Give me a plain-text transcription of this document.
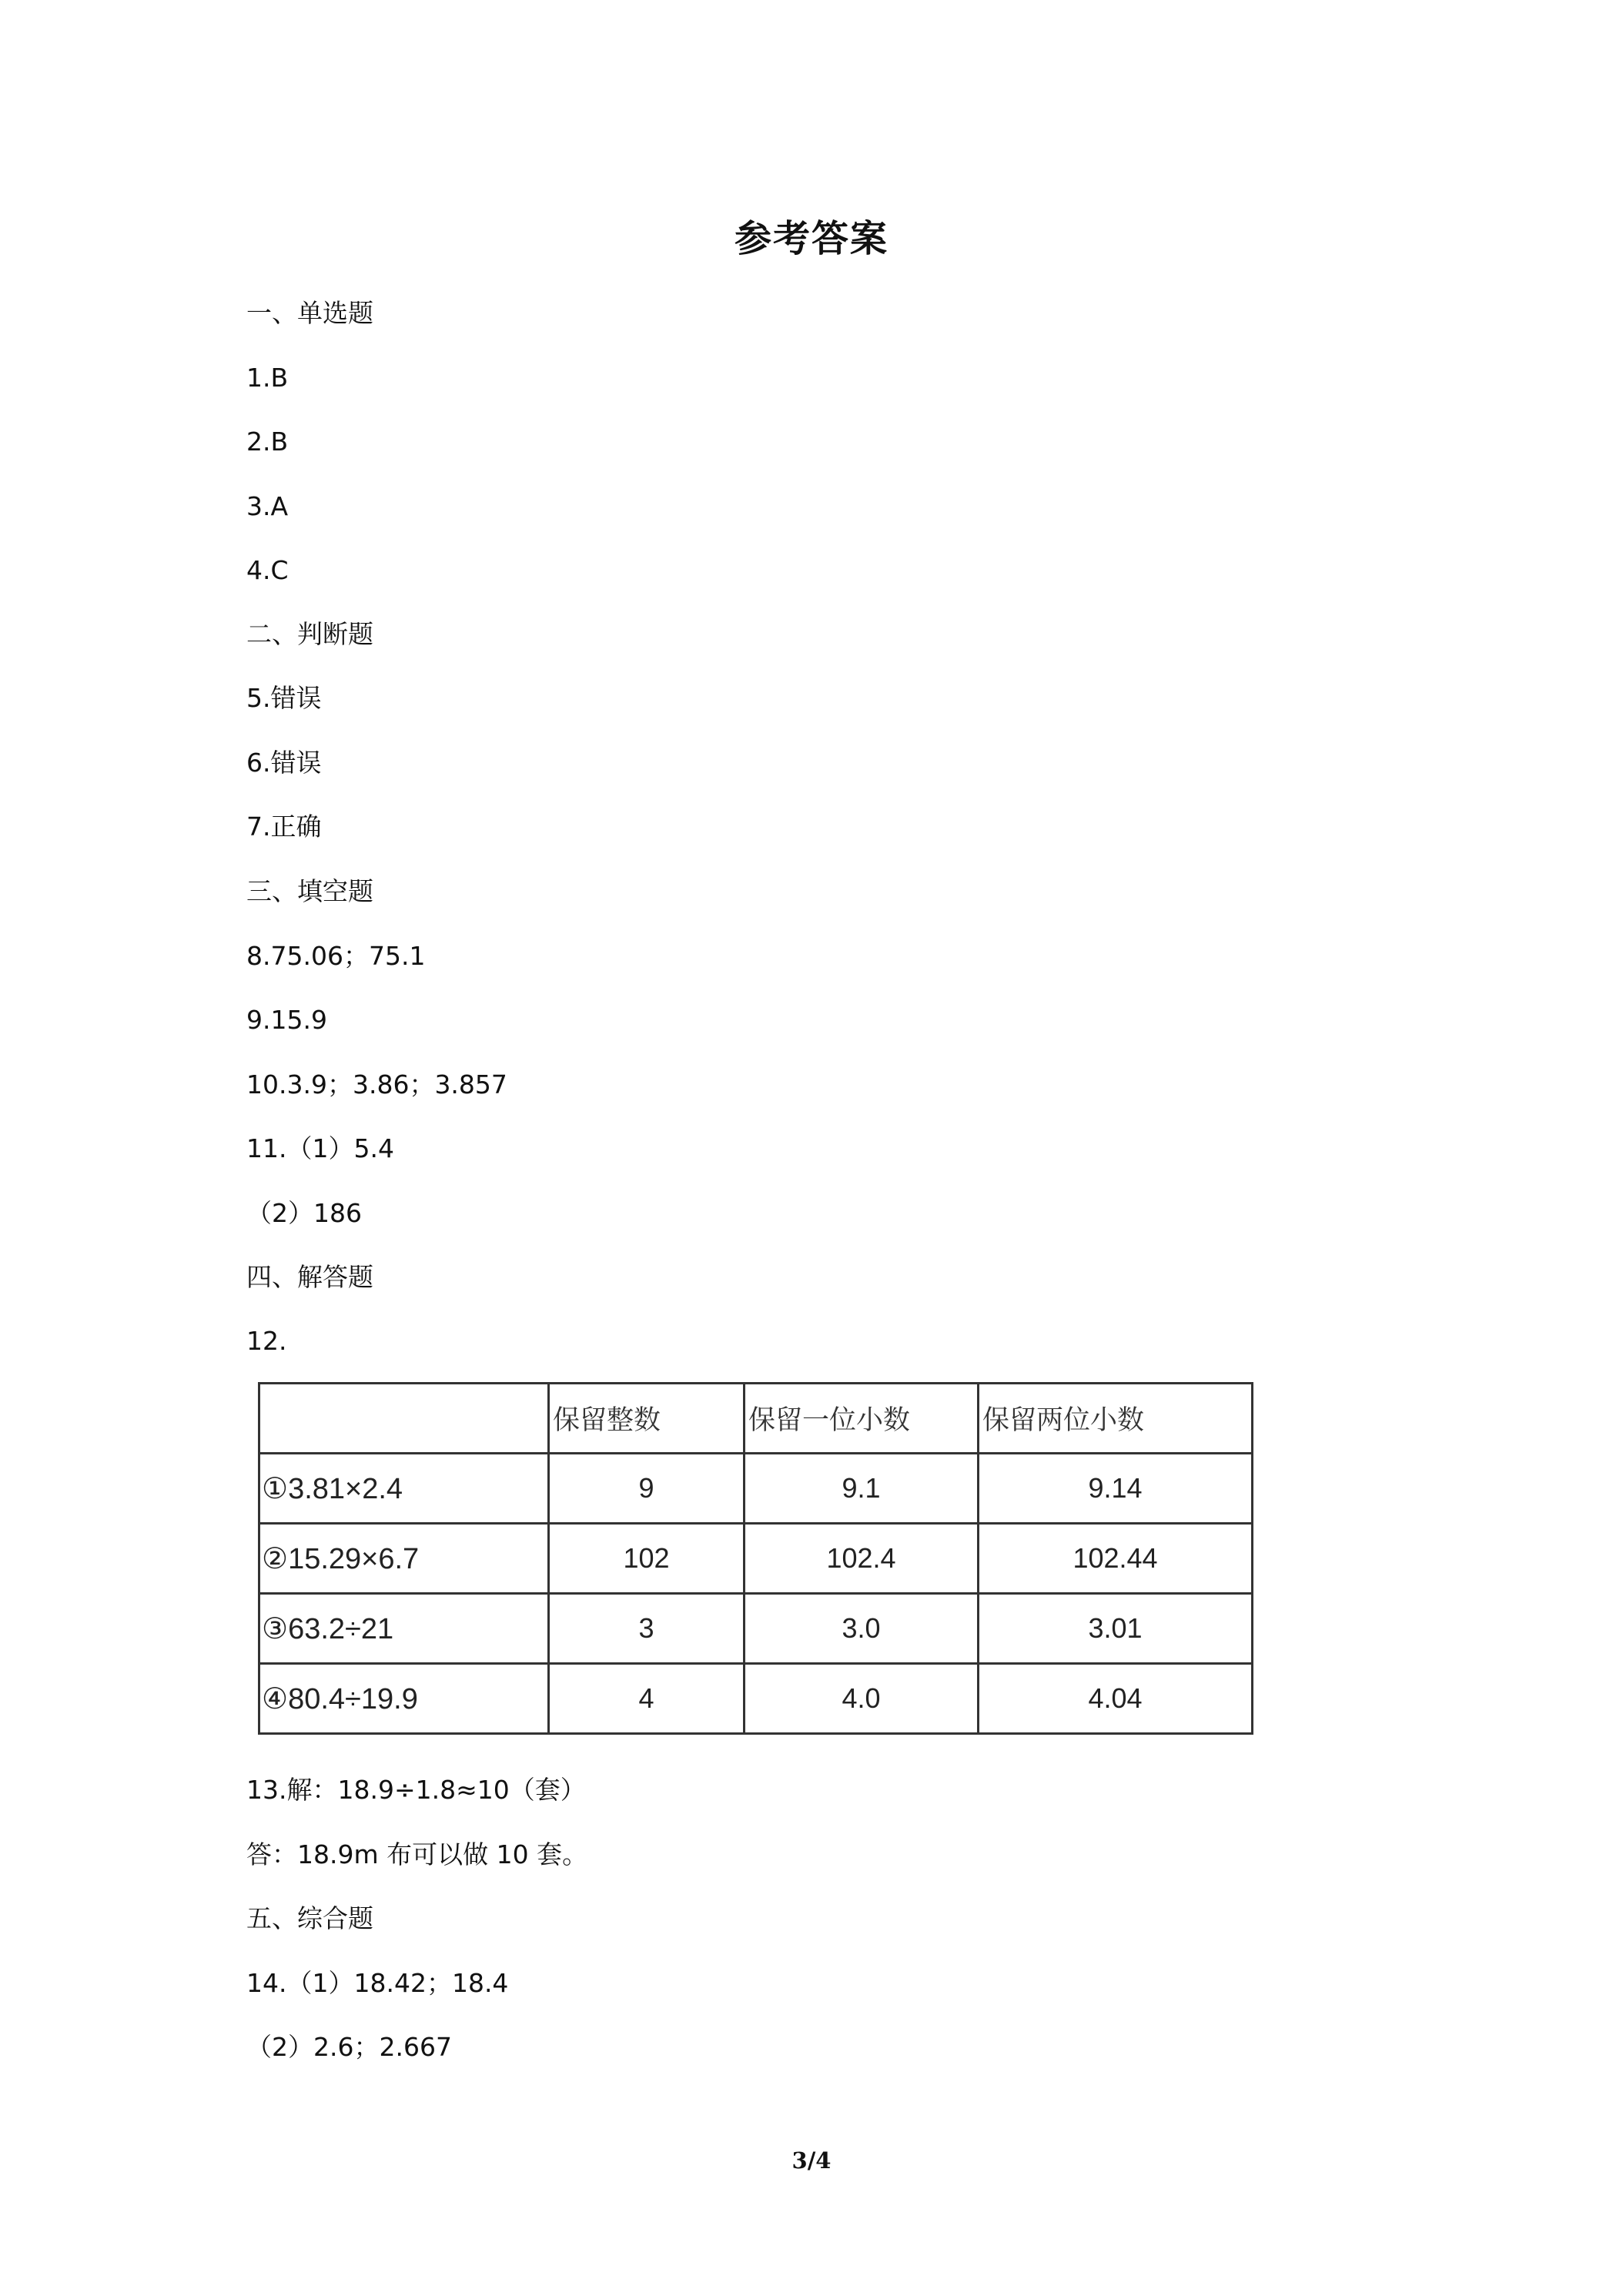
参考答案
一、单选题
1.B
2.B
3.A
4.C
二、判断题
5.错误
6.错误
7.正确
三、填空题
8.75.06；75.1
9.15.9
10.3.9；3.86；3.857
11.（1）5.4
（2）186
四、解答题
12.
	保留整数	保留一位小数	保留两位小数
①3.81×2.4	9	9.1	9.14
②15.29×6.7	102	102.4	102.44
③63.2÷21	3	3.0	3.01
④80.4÷19.9	4	4.0	4.04
13.解：18.9÷1.8≈10（套）
答：18.9m 布可以做 10 套。
五、综合题
14.（1）18.42；18.4
（2）2.6；2.667
3/4
